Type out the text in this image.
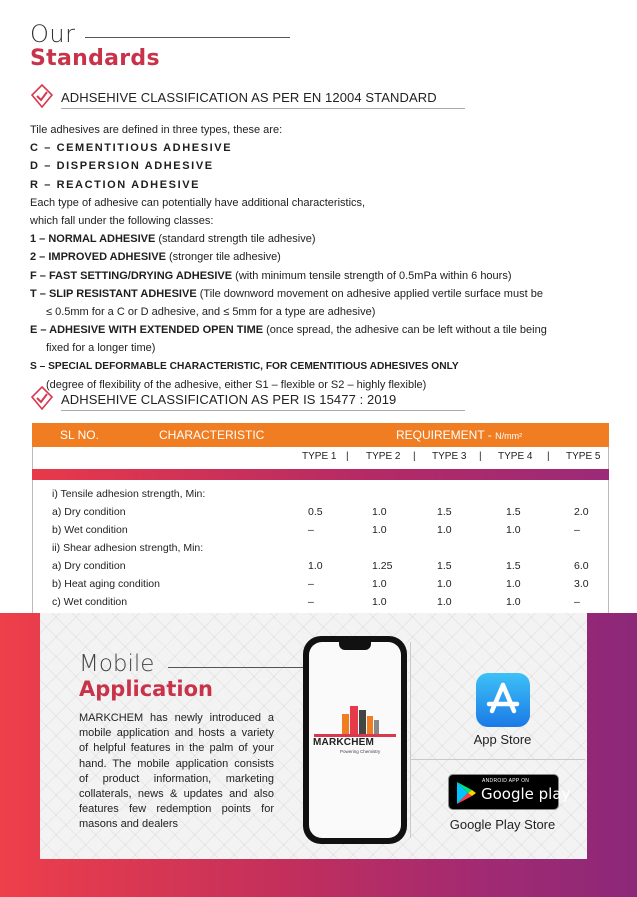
Our
Standards
ADHSEHIVE CLASSIFICATION AS PER EN 12004 STANDARD
Tile adhesives are defined in three types, these are:
C – CEMENTITIOUS ADHESIVE
D – DISPERSION ADHESIVE
R – REACTION ADHESIVE
Each type of adhesive can potentially have additional characteristics,
which fall under the following classes:
1 – NORMAL ADHESIVE (standard strength tile adhesive)
2 – IMPROVED ADHESIVE (stronger tile adhesive)
F – FAST SETTING/DRYING ADHESIVE (with minimum tensile strength of 0.5mPa within 6 hours)
T – SLIP RESISTANT ADHESIVE (Tile downword movement on adhesive applied vertile surface must be
≤ 0.5mm for a C or D adhesive, and ≤ 5mm for a type are adhesive)
E – ADHESIVE WITH EXTENDED OPEN TIME (once spread, the adhesive can be left without a tile being
fixed for a longer time)
S – SPECIAL DEFORMABLE CHARACTERISTIC, FOR CEMENTITIOUS ADHESIVES ONLY
(degree of flexibility of the adhesive, either S1 – flexible or S2 – highly flexible)
ADHSEHIVE CLASSIFICATION AS PER IS 15477 : 2019
SL NO.	CHARACTERISTIC	REQUIREMENT - N/mm²
TYPE 1 | TYPE 2 | TYPE 3 | TYPE 4 | TYPE 5
i) Tensile adhesion strength, Min:
a) Dry condition	0.5	1.0	1.5	1.5	2.0
b) Wet condition	–	1.0	1.0	1.0	–
ii) Shear adhesion strength, Min:
a) Dry condition	1.0	1.25	1.5	1.5	6.0
b) Heat aging condition	–	1.0	1.0	1.0	3.0
c) Wet condition	–	1.0	1.0	1.0	–
Mobile
Application
MARKCHEM has newly introduced a mobile application and hosts a variety of helpful features in the palm of your hand. The mobile application consists of product information, marketing collaterals, news & updates and also features few redemption points for masons and dealers
MARKCHEM
Powering Chemistry
App Store
ANDROID APP ON
Google play
Google Play Store
